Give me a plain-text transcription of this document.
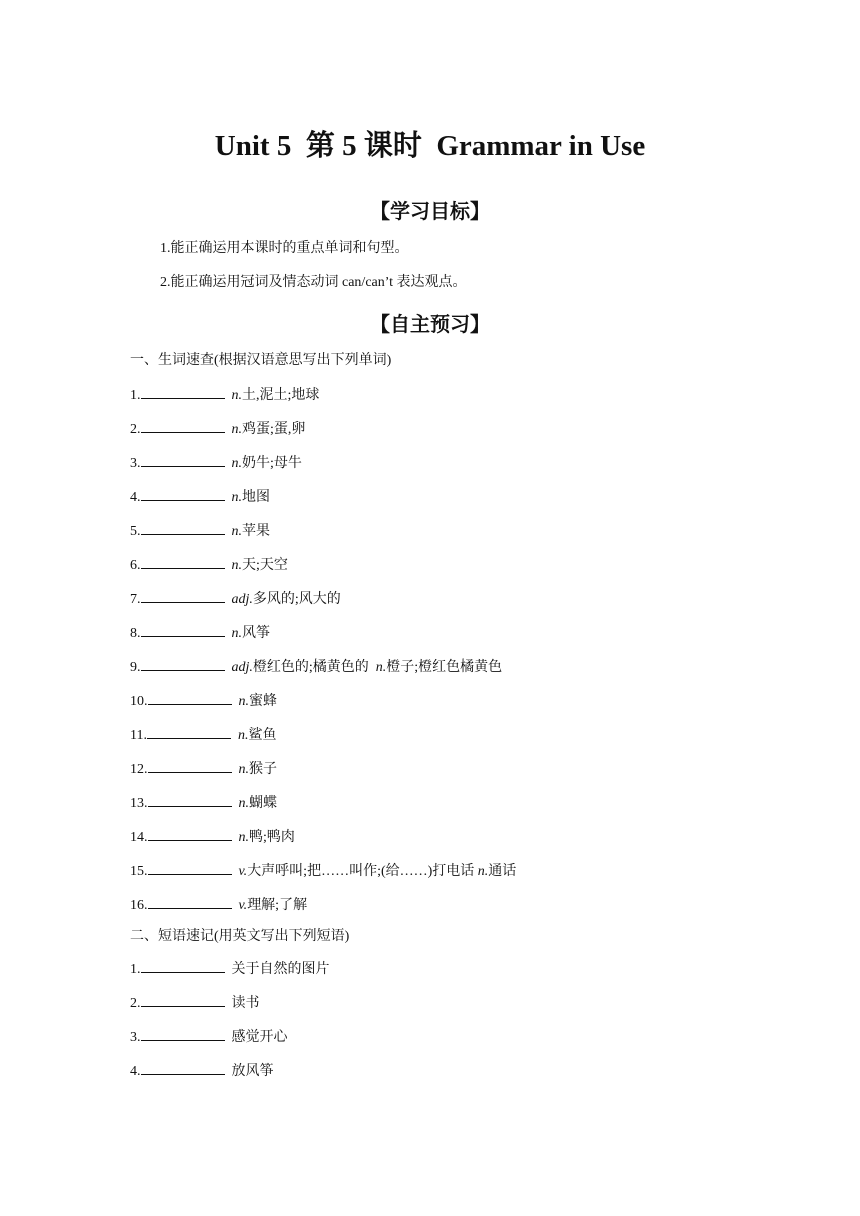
Unit 5  第 5 课时  Grammar in Use
【学习目标】
1.能正确运用本课时的重点单词和句型。
2.能正确运用冠词及情态动词 can/can’t 表达观点。
【自主预习】
一、生词速查(根据汉语意思写出下列单词)
1.	n. 土,泥土;地球
2.	n. 鸡蛋;蛋,卵
3.	n. 奶牛;母牛
4.	n. 地图
5.	n. 苹果
6.	n. 天;天空
7.	adj. 多风的;风大的
8.	n. 风筝
9.	adj. 橙红色的;橘黄色的 n. 橙子;橙红色橘黄色
10.	n. 蜜蜂
11.	n. 鲨鱼
12.	n. 猴子
13.	n. 蝴蝶
14.	n. 鸭;鸭肉
15.	v. 大声呼叫;把……叫作;(给……)打电话 n. 通话
16.	v. 理解;了解
二、短语速记(用英文写出下列短语)
1.	关于自然的图片
2.	读书
3.	感觉开心
4.	放风筝
